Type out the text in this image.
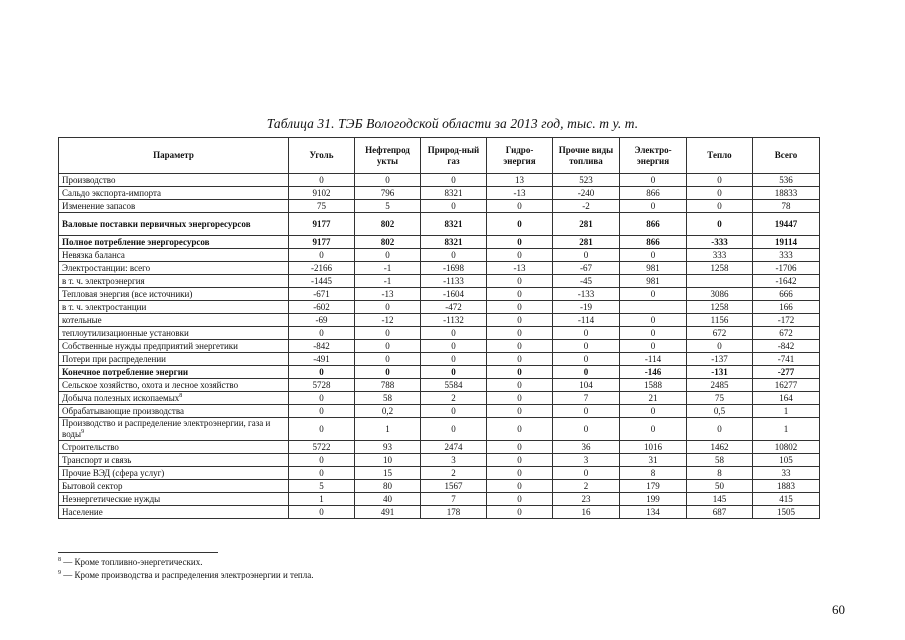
Таблица 31. ТЭБ Вологодской области за 2013 год, тыс. т у. т.
Параметр	Уголь	Нефтепрод укты	Природ-ный газ	Гидро-энергия	Прочие виды топлива	Электро-энергия	Тепло	Всего
Производство	0	0	0	13	523	0	0	536
Сальдо экспорта-импорта	9102	796	8321	-13	-240	866	0	18833
Изменение запасов	75	5	0	0	-2	0	0	78
Валовые поставки первичных энергоресурсов	9177	802	8321	0	281	866	0	19447
Полное потребление энергоресурсов	9177	802	8321	0	281	866	-333	19114
Невязка баланса	0	0	0	0	0	0	333	333
Электростанции: всего	-2166	-1	-1698	-13	-67	981	1258	-1706
в т. ч. электроэнергия	-1445	-1	-1133	0	-45	981		-1642
Тепловая энергия (все источники)	-671	-13	-1604	0	-133	0	3086	666
в т. ч. электростанции	-602	0	-472	0	-19		1258	166
котельные	-69	-12	-1132	0	-114	0	1156	-172
теплоутилизационные установки	0	0	0	0	0	0	672	672
Собственные нужды предприятий энергетики	-842	0	0	0	0	0	0	-842
Потери при распределении	-491	0	0	0	0	-114	-137	-741
Конечное потребление энергии	0	0	0	0	0	-146	-131	-277
Сельское хозяйство, охота и лесное хозяйство	5728	788	5584	0	104	1588	2485	16277
Добыча полезных ископаемых$^8$	0	58	2	0	7	21	75	164
Обрабатывающие производства	0	0,2	0	0	0	0	0,5	1
Производство и распределение электроэнергии, газа и воды$^9$	0	1	0	0	0	0	0	1
Строительство	5722	93	2474	0	36	1016	1462	10802
Транспорт и связь	0	10	3	0	3	31	58	105
Прочие ВЭД (сфера услуг)	0	15	2	0	0	8	8	33
Бытовой сектор	5	80	1567	0	2	179	50	1883
Неэнергетические нужды	1	40	7	0	23	199	145	415
Население	0	491	178	0	16	134	687	1505
$^8$ — Кроме топливно-энергетических.
$^9$ — Кроме производства и распределения электроэнергии и тепла.
60
